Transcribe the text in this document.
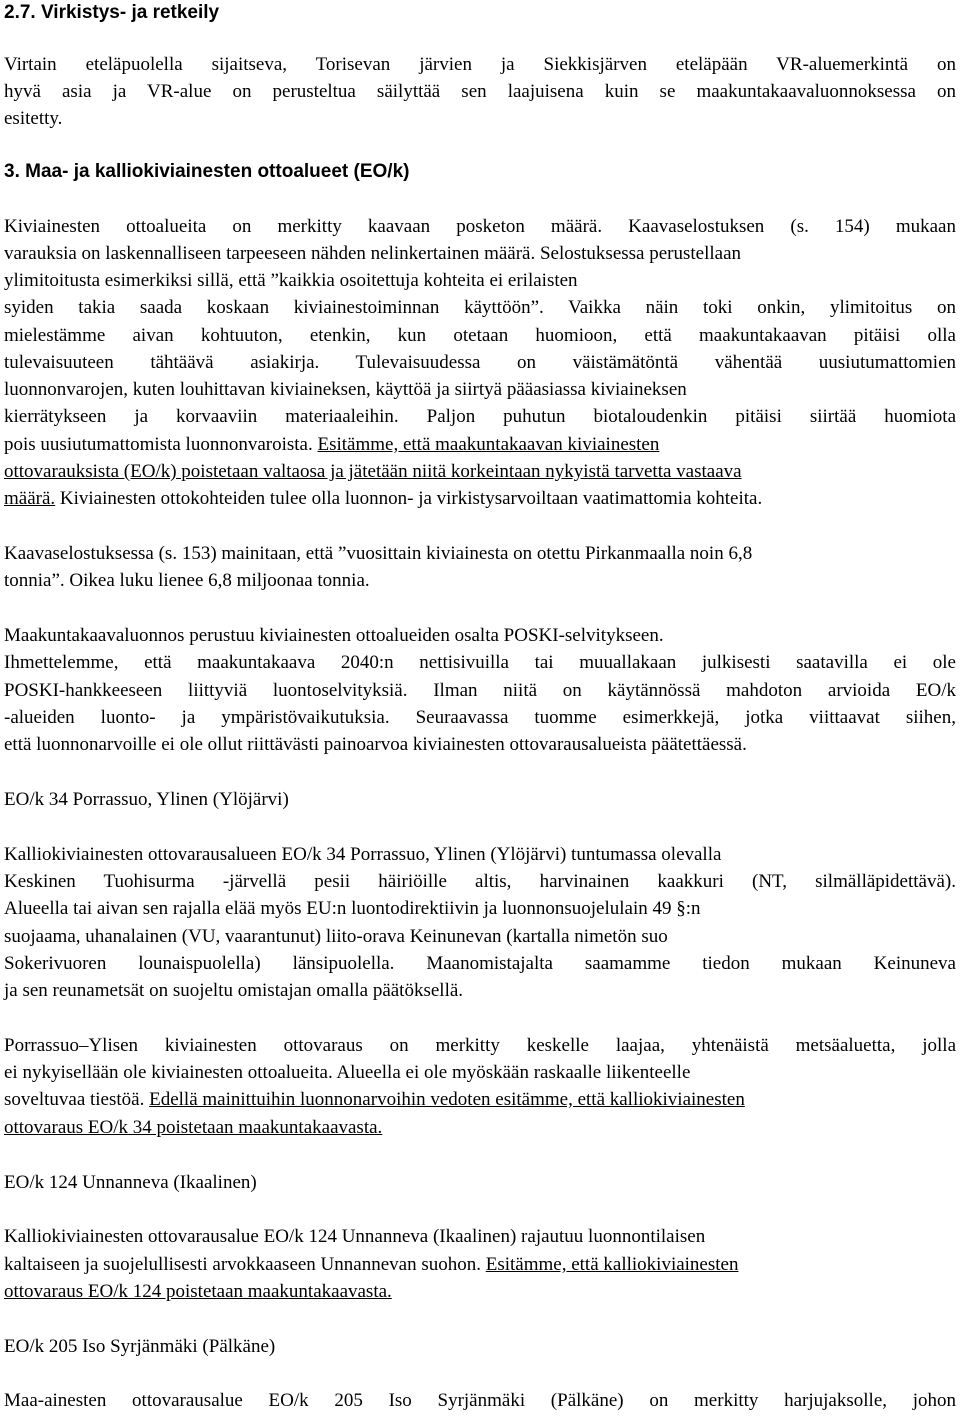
2.7. Virkistys- ja retkeily
Virtain eteläpuolella sijaitseva, Torisevan järvien ja Siekkisjärven eteläpään VR-aluemerkintä on
hyvä asia ja VR-alue on perusteltua säilyttää sen laajuisena kuin se maakuntakaavaluonnoksessa on
esitetty.
3. Maa- ja kalliokiviainesten ottoalueet (EO/k)
Kiviainesten ottoalueita on merkitty kaavaan posketon määrä. Kaavaselostuksen (s. 154) mukaan
varauksia on laskennalliseen tarpeeseen nähden nelinkertainen määrä. Selostuksessa perustellaan
ylimitoitusta esimerkiksi sillä, että ”kaikkia osoitettuja kohteita ei erilaisten
syiden takia saada koskaan kiviainestoiminnan käyttöön”. Vaikka näin toki onkin, ylimitoitus on
mielestämme aivan kohtuuton, etenkin, kun otetaan huomioon, että maakuntakaavan pitäisi olla
tulevaisuuteen tähtäävä asiakirja. Tulevaisuudessa on väistämätöntä vähentää uusiutumattomien
luonnonvarojen, kuten louhittavan kiviaineksen, käyttöä ja siirtyä pääasiassa kiviaineksen
kierrätykseen ja korvaaviin materiaaleihin. Paljon puhutun biotaloudenkin pitäisi siirtää huomiota
pois uusiutumattomista luonnonvaroista. Esitämme, että maakuntakaavan kiviainesten
ottovarauksista (EO/k) poistetaan valtaosa ja jätetään niitä korkeintaan nykyistä tarvetta vastaava
määrä. Kiviainesten ottokohteiden tulee olla luonnon- ja virkistysarvoiltaan vaatimattomia kohteita.
Kaavaselostuksessa (s. 153) mainitaan, että ”vuosittain kiviainesta on otettu Pirkanmaalla noin 6,8
tonnia”. Oikea luku lienee 6,8 miljoonaa tonnia.
Maakuntakaavaluonnos perustuu kiviainesten ottoalueiden osalta POSKI-selvitykseen.
Ihmettelemme, että maakuntakaava 2040:n nettisivuilla tai muuallakaan julkisesti saatavilla ei ole
POSKI-hankkeeseen liittyviä luontoselvityksiä. Ilman niitä on käytännössä mahdoton arvioida EO/k
-alueiden luonto- ja ympäristövaikutuksia. Seuraavassa tuomme esimerkkejä, jotka viittaavat siihen,
että luonnonarvoille ei ole ollut riittävästi painoarvoa kiviainesten ottovarausalueista päätettäessä.
EO/k 34 Porrassuo, Ylinen (Ylöjärvi)
Kalliokiviainesten ottovarausalueen EO/k 34 Porrassuo, Ylinen (Ylöjärvi) tuntumassa olevalla
Keskinen Tuohisurma -järvellä pesii häiriöille altis, harvinainen kaakkuri (NT, silmälläpidettävä).
Alueella tai aivan sen rajalla elää myös EU:n luontodirektiivin ja luonnonsuojelulain 49 §:n
suojaama, uhanalainen (VU, vaarantunut) liito-orava Keinunevan (kartalla nimetön suo
Sokerivuoren lounaispuolella) länsipuolella. Maanomistajalta saamamme tiedon mukaan Keinuneva
ja sen reunametsät on suojeltu omistajan omalla päätöksellä.
Porrassuo–Ylisen kiviainesten ottovaraus on merkitty keskelle laajaa, yhtenäistä metsäaluetta, jolla
ei nykyisellään ole kiviainesten ottoalueita. Alueella ei ole myöskään raskaalle liikenteelle
soveltuvaa tiestöä. Edellä mainittuihin luonnonarvoihin vedoten esitämme, että kalliokiviainesten
ottovaraus EO/k 34 poistetaan maakuntakaavasta.
EO/k 124 Unnanneva (Ikaalinen)
Kalliokiviainesten ottovarausalue EO/k 124 Unnanneva (Ikaalinen) rajautuu luonnontilaisen
kaltaiseen ja suojelullisesti arvokkaaseen Unnannevan suohon. Esitämme, että kalliokiviainesten
ottovaraus EO/k 124 poistetaan maakuntakaavasta.
EO/k 205 Iso Syrjänmäki (Pälkäne)
Maa-ainesten ottovarausalue EO/k 205 Iso Syrjänmäki (Pälkäne) on merkitty harjujaksolle, johon
